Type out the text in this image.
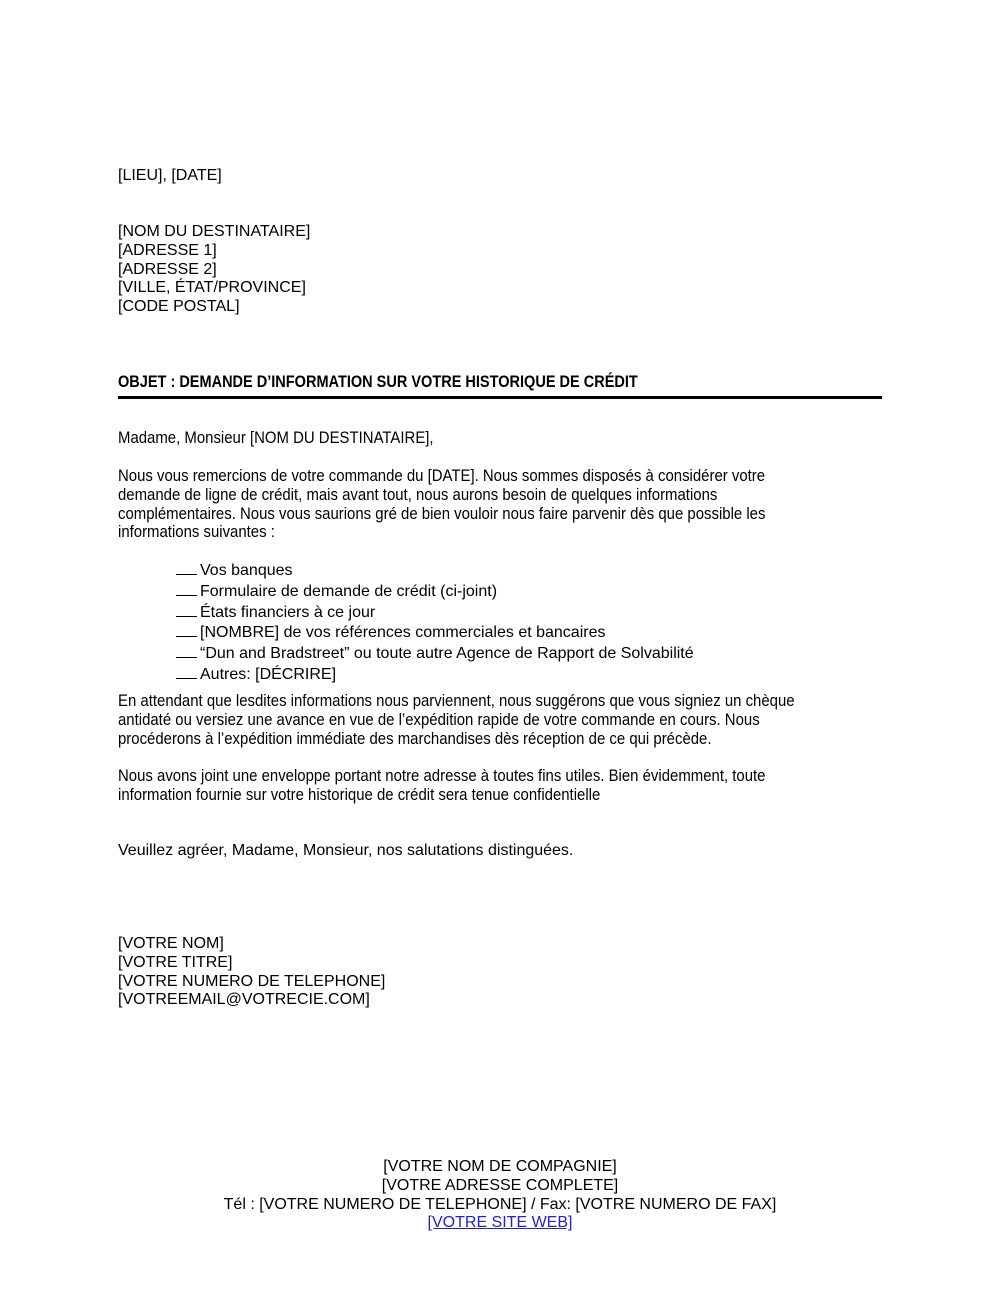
[LIEU], [DATE]
[NOM DU DESTINATAIRE]
[ADRESSE 1]
[ADRESSE 2]
[VILLE, ÉTAT/PROVINCE]
[CODE POSTAL]
OBJET : DEMANDE D’INFORMATION SUR VOTRE HISTORIQUE DE CRÉDIT
Madame, Monsieur [NOM DU DESTINATAIRE],
Nous vous remercions de votre commande du [DATE]. Nous sommes disposés à considérer votre
demande de ligne de crédit, mais avant tout, nous aurons besoin de quelques informations
complémentaires. Nous vous saurions gré de bien vouloir nous faire parvenir dès que possible les
informations suivantes :
Vos banques
Formulaire de demande de crédit (ci-joint)
États financiers à ce jour
[NOMBRE] de vos références commerciales et bancaires
“Dun and Bradstreet” ou toute autre Agence de Rapport de Solvabilité
Autres: [DÉCRIRE]
En attendant que lesdites informations nous parviennent, nous suggérons que vous signiez un chèque
antidaté ou versiez une avance en vue de l’expédition rapide de votre commande en cours. Nous
procéderons à l’expédition immédiate des marchandises dès réception de ce qui précède.
Nous avons joint une enveloppe portant notre adresse à toutes fins utiles. Bien évidemment, toute
information fournie sur votre historique de crédit sera tenue confidentielle
Veuillez agréer, Madame, Monsieur, nos salutations distinguées.
[VOTRE NOM]
[VOTRE TITRE]
[VOTRE NUMERO DE TELEPHONE]
[VOTREEMAIL@VOTRECIE.COM]
[VOTRE NOM DE COMPAGNIE]
[VOTRE ADRESSE COMPLETE]
Tél : [VOTRE NUMERO DE TELEPHONE] / Fax: [VOTRE NUMERO DE FAX]
[VOTRE SITE WEB]
